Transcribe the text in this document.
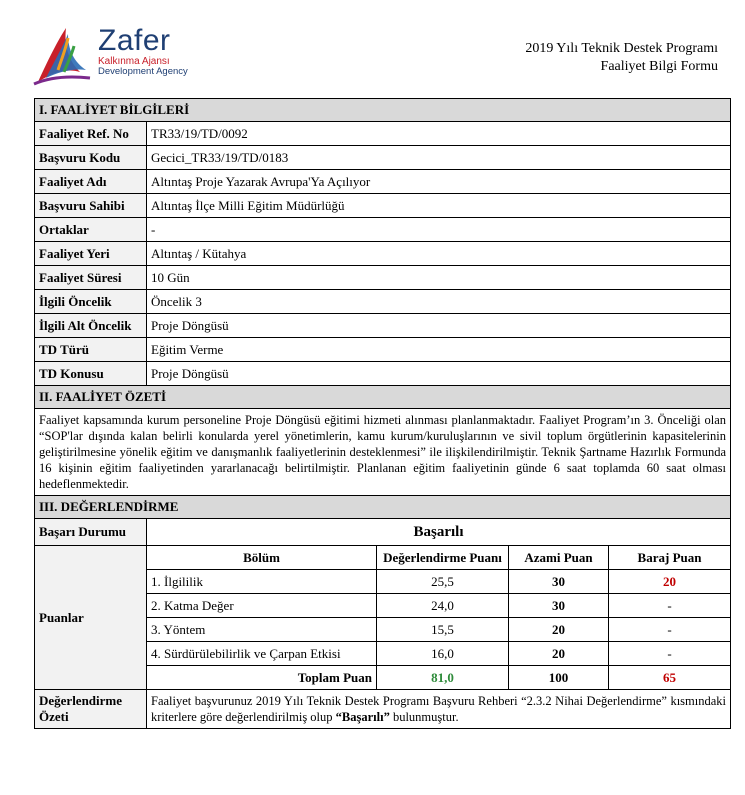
Zafer
Kalkınma Ajansı
Development Agency
2019 Yılı Teknik Destek Programı
Faaliyet Bilgi Formu
I. FAALİYET BİLGİLERİ				
Faaliyet Ref. No	TR33/19/TD/0092			
Başvuru Kodu	Gecici_TR33/19/TD/0183			
Faaliyet Adı	Altıntaş Proje Yazarak Avrupa'Ya Açılıyor			
Başvuru Sahibi	Altıntaş İlçe Milli Eğitim Müdürlüğü			
Ortaklar	-			
Faaliyet Yeri	Altıntaş / Kütahya			
Faaliyet Süresi	10 Gün			
İlgili Öncelik	Öncelik 3			
İlgili Alt Öncelik	Proje Döngüsü			
TD Türü	Eğitim Verme			
TD Konusu	Proje Döngüsü			
II. FAALİYET ÖZETİ				
Faaliyet kapsamında kurum personeline Proje Döngüsü eğitimi hizmeti alınması planlanmaktadır. Faaliyet Program’ın 3. Önceliği olan “SOP'lar dışında kalan belirli konularda yerel yönetimlerin, kamu kurum/kuruluşlarının ve sivil toplum örgütlerinin kapasitelerinin geliştirilmesine yönelik eğitim ve danışmanlık faaliyetlerinin desteklenmesi” ile ilişkilendirilmiştir. Teknik Şartname Hazırlık Formunda 16 kişinin eğitim faaliyetinden yararlanacağı belirtilmiştir. Planlanan eğitim faaliyetinin günde 6 saat toplamda 60 saat olması hedeflenmektedir.				
III. DEĞERLENDİRME				
Başarı Durumu	Başarılı			
Puanlar	Bölüm	Değerlendirme Puanı	Azami Puan	Baraj Puan
	1. İlgililik	25,5	30	20
	2. Katma Değer	24,0	30	-
	3. Yöntem	15,5	20	-
	4. Sürdürülebilirlik ve Çarpan Etkisi	16,0	20	-
	Toplam Puan	81,0	100	65
Değerlendirme
Özeti	Faaliyet başvurunuz 2019 Yılı Teknik Destek Programı Başvuru Rehberi “2.3.2 Nihai Değerlendirme” kısmındaki kriterlere göre değerlendirilmiş olup “Başarılı” bulunmuştur.			
